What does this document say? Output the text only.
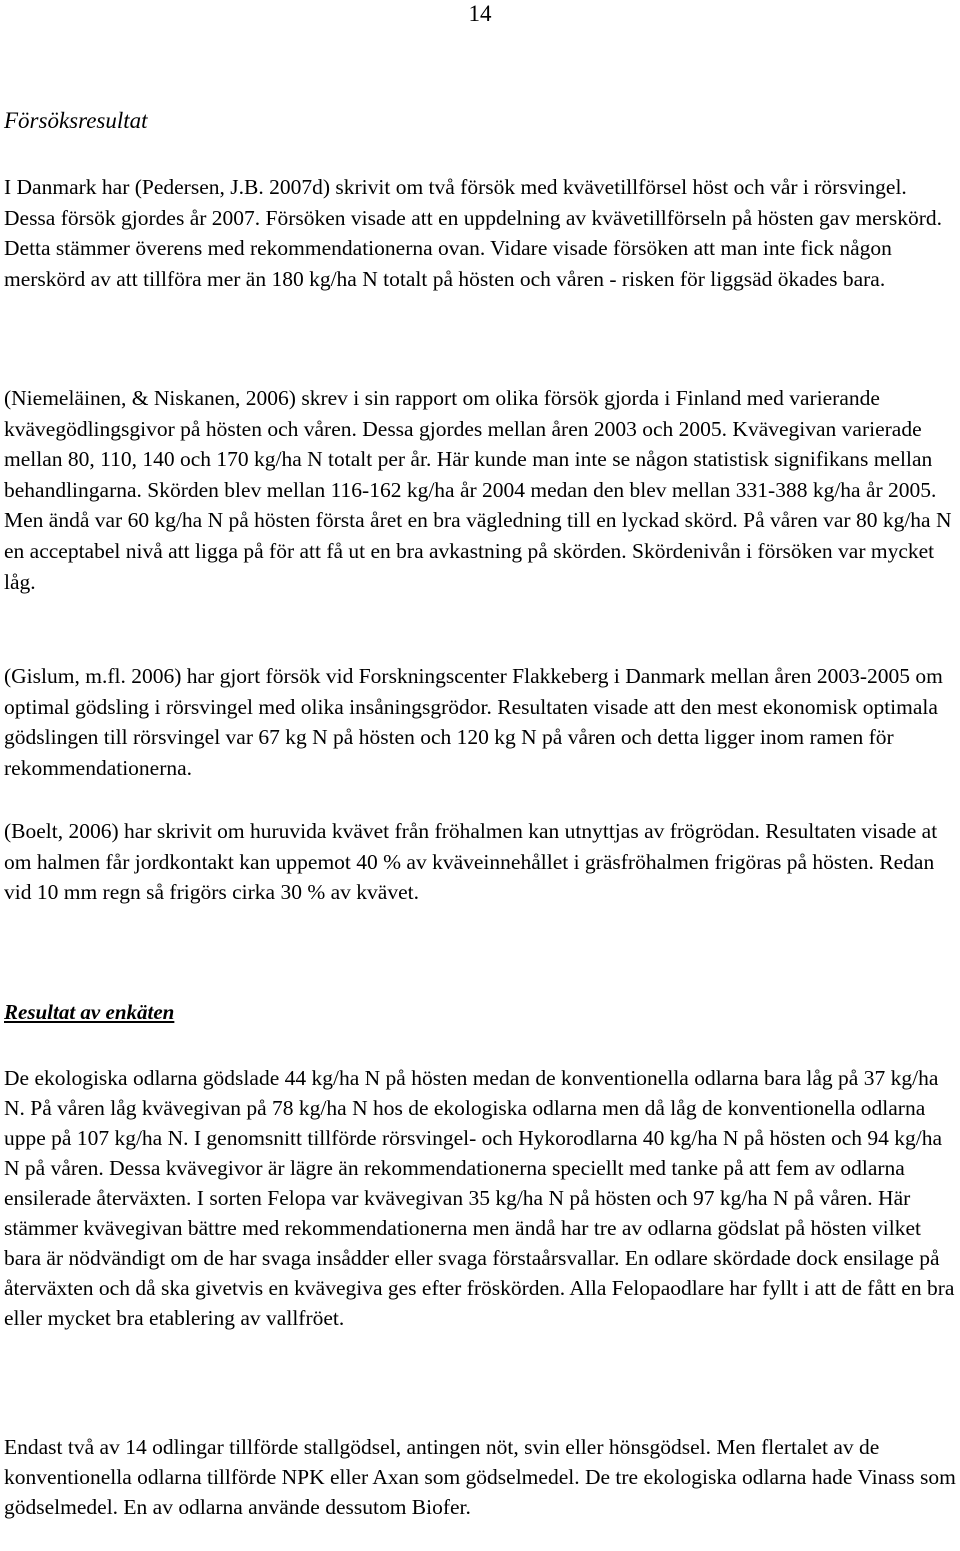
14
Försöksresultat

I Danmark har (Pedersen, J.B. 2007d) skrivit om två försök med kvävetillförsel höst och vår i rörsvingel. Dessa försök gjordes år 2007. Försöken visade att en uppdelning av kvävetillförseln på hösten gav merskörd. Detta stämmer överens med rekommendationerna ovan. Vidare visade försöken att man inte fick någon merskörd av att tillföra mer än 180 kg/ha N totalt på hösten och våren - risken för liggsäd ökades bara.

(Niemeläinen, & Niskanen, 2006) skrev i sin rapport om olika försök gjorda i Finland med varierande kvävegödlingsgivor på hösten och våren. Dessa gjordes mellan åren 2003 och 2005. Kvävegivan varierade mellan 80, 110, 140 och 170 kg/ha N totalt per år. Här kunde man inte se någon statistisk signifikans mellan behandlingarna. Skörden blev mellan 116-162 kg/ha år 2004 medan den blev mellan 331-388 kg/ha år 2005. Men ändå var 60 kg/ha N på hösten första året en bra vägledning till en lyckad skörd. På våren var 80 kg/ha N en acceptabel nivå att ligga på för att få ut en bra avkastning på skörden. Skördenivån i försöken var mycket låg.

(Gislum, m.fl. 2006) har gjort försök vid Forskningscenter Flakkeberg i Danmark mellan åren 2003-2005 om optimal gödsling i rörsvingel med olika insåningsgrödor. Resultaten visade att den mest ekonomisk optimala gödslingen till rörsvingel var 67 kg N på hösten och 120 kg N på våren och detta ligger inom ramen för rekommendationerna.

(Boelt, 2006) har skrivit om huruvida kvävet från fröhalmen kan utnyttjas av frögrödan. Resultaten visade at om halmen får jordkontakt kan uppemot 40 % av kväveinnehållet i gräsfröhalmen frigöras på hösten. Redan vid 10 mm regn så frigörs cirka 30 % av kvävet.

Resultat av enkäten

De ekologiska odlarna gödslade 44 kg/ha N på hösten medan de konventionella odlarna bara låg på 37 kg/ha N. På våren låg kvävegivan på 78 kg/ha N hos de ekologiska odlarna men då låg de konventionella odlarna uppe på 107 kg/ha N. I genomsnitt tillförde rörsvingel- och Hykorodlarna 40 kg/ha N på hösten och 94 kg/ha N på våren. Dessa kvävegivor är lägre än rekommendationerna speciellt med tanke på att fem av odlarna ensilerade återväxten. I sorten Felopa var kvävegivan 35 kg/ha N på hösten och 97 kg/ha N på våren. Här stämmer kvävegivan bättre med rekommendationerna men ändå har tre av odlarna gödslat på hösten vilket bara är nödvändigt om de har svaga insådder eller svaga förstaårsvallar. En odlare skördade dock ensilage på återväxten och då ska givetvis en kvävegiva ges efter fröskörden. Alla Felopaodlare har fyllt i att de fått en bra eller mycket bra etablering av vallfröet.

Endast två av 14 odlingar tillförde stallgödsel, antingen nöt, svin eller hönsgödsel. Men flertalet av de konventionella odlarna tillförde NPK eller Axan som gödselmedel. De tre ekologiska odlarna hade Vinass som gödselmedel. En av odlarna använde dessutom Biofer.
